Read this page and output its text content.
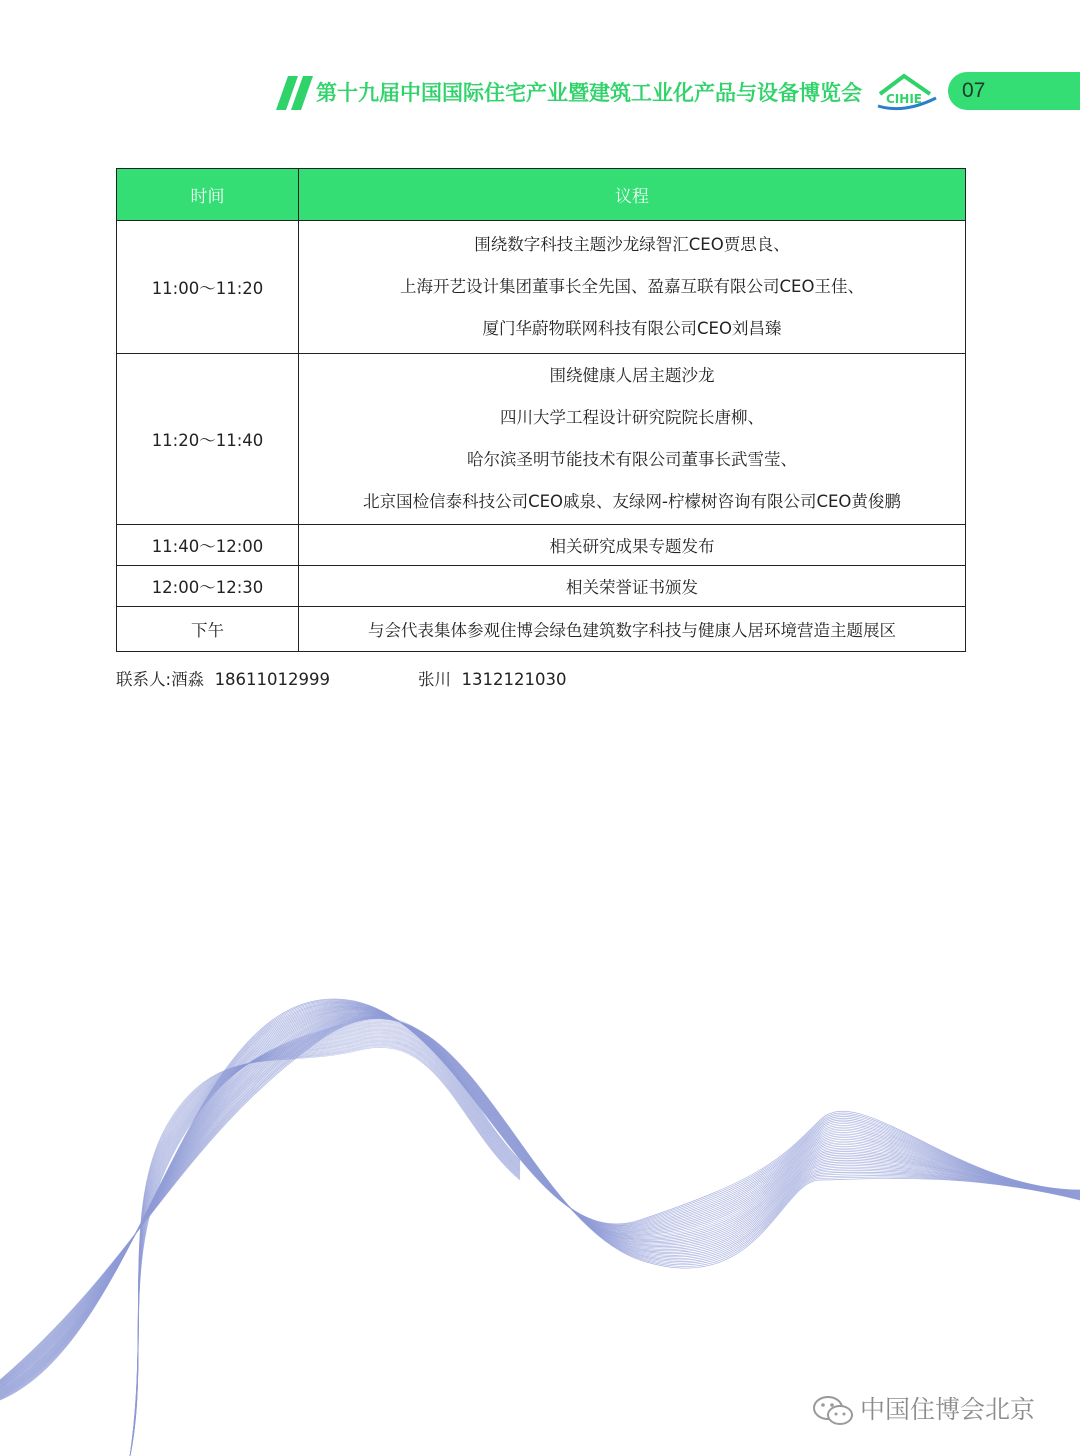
第十九届中国国际住宅产业暨建筑工业化产品与设备博览会 CIHIE 07
时间	议程
11:00～11:20	围绕数字科技主题沙龙绿智汇CEO贾思良、
上海开艺设计集团董事长全先国、盈嘉互联有限公司CEO王佳、
厦门华蔚物联网科技有限公司CEO刘昌臻

11:20～11:40	围绕健康人居主题沙龙
四川大学工程设计研究院院长唐柳、
哈尔滨圣明节能技术有限公司董事长武雪莹、
北京国检信泰科技公司CEO戚泉、友绿网-柠檬树咨询有限公司CEO黄俊鹏

11:40～12:00	相关研究成果专题发布
12:00～12:30	相关荣誉证书颁发
下午	与会代表集体参观住博会绿色建筑数字科技与健康人居环境营造主题展区
联系人:酒淼 18611012999	张川 1312121030
中国住博会北京
